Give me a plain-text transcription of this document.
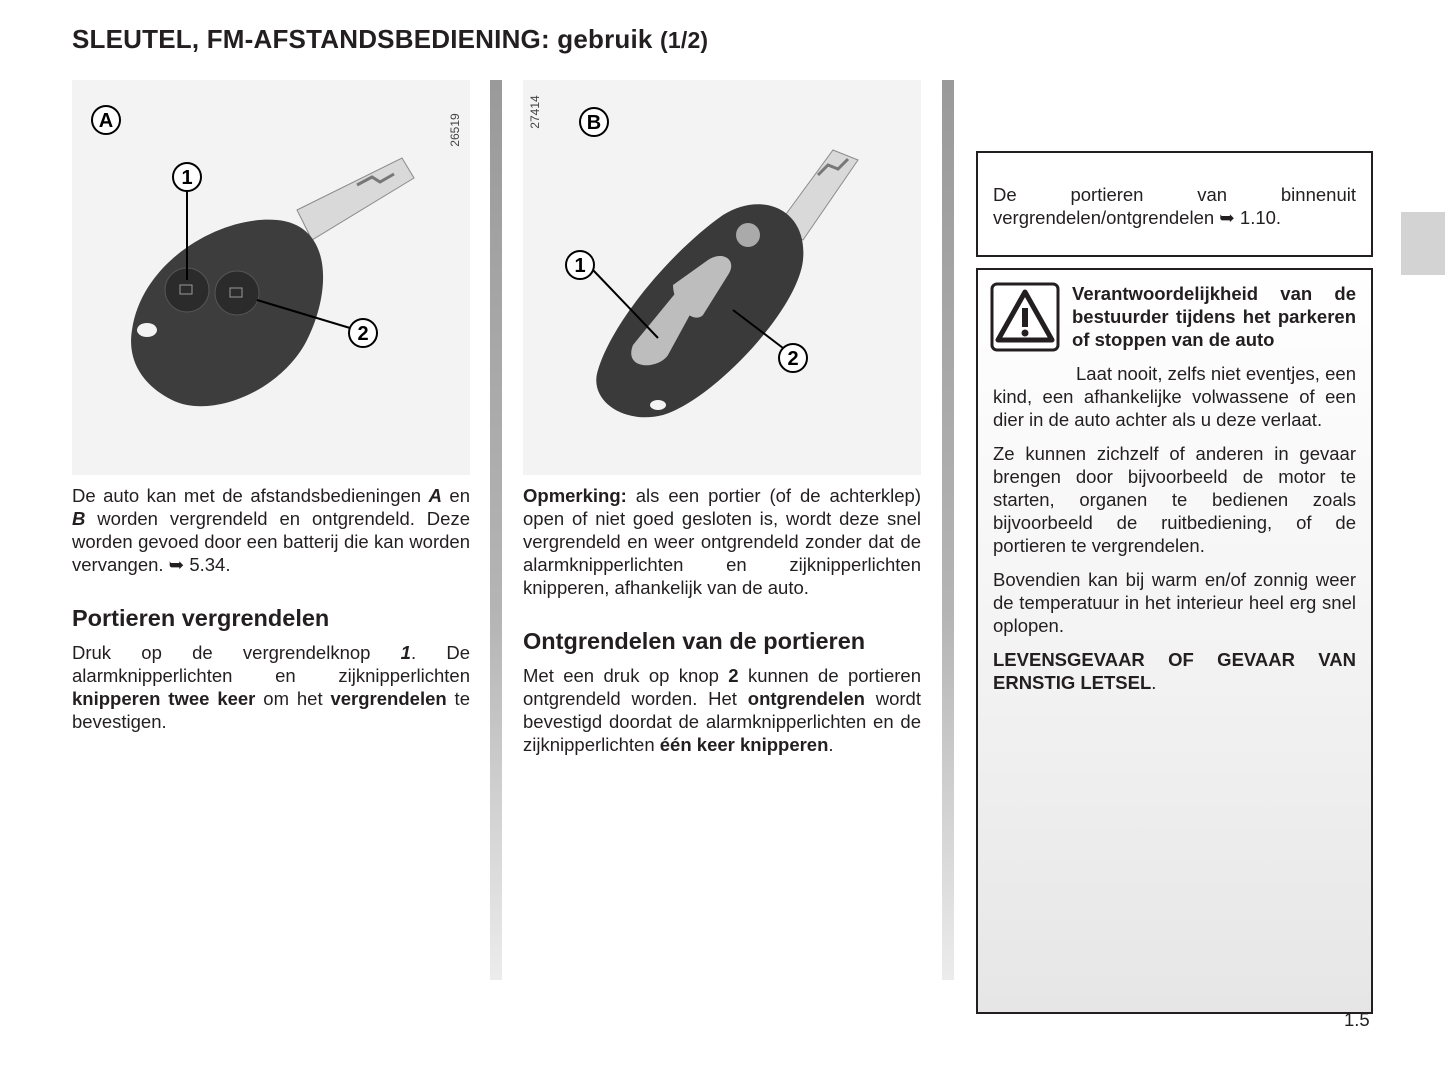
SLEUTEL, FM-AFSTANDSBEDIENING: gebruik (1/2)
A
1
2
26519	B
1
2
27414

De auto kan met de afstandsbedieningen A en B worden vergrendeld en ontgrendeld. Deze worden gevoed door een batterij die kan worden vervangen. ➥ 5.34.

Portieren vergrendelen

Druk op de vergrendelknop 1. De alarmknipperlichten en zijknipperlichten knipperen twee keer om het vergrendelen te bevestigen.

Opmerking: als een portier (of de achterklep) open of niet goed gesloten is, wordt deze snel vergrendeld en weer ontgrendeld zonder dat de alarmknipperlichten en zijknipperlichten knipperen, afhankelijk van de auto.

Ontgrendelen van de portieren

Met een druk op knop 2 kunnen de portieren ontgrendeld worden. Het ontgrendelen wordt bevestigd doordat de alarmknipperlichten en de zijknipperlichten één keer knipperen.

De portieren van binnenuit vergrendelen/ontgrendelen ➥ 1.10.

Verantwoordelijkheid van de bestuurder tijdens het parkeren of stoppen van de auto

Laat nooit, zelfs niet eventjes, een kind, een afhankelijke volwassene of een dier in de auto achter als u deze verlaat.

Ze kunnen zichzelf of anderen in gevaar brengen door bijvoorbeeld de motor te starten, organen te bedienen zoals bijvoorbeeld de ruitbediening, of de portieren te vergrendelen.

Bovendien kan bij warm en/of zonnig weer de temperatuur in het interieur heel erg snel oplopen.

LEVENSGEVAAR OF GEVAAR VAN ERNSTIG LETSEL.

1.5
